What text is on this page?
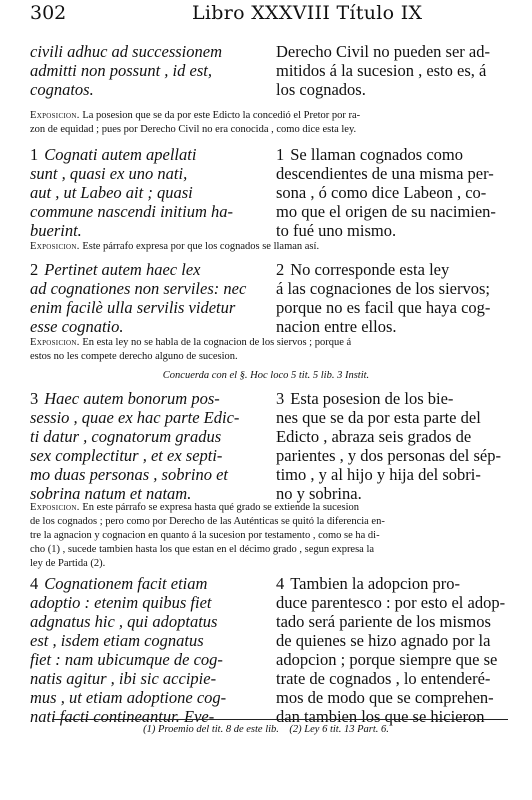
302	Libro XXXVIII Título IX
civili adhuc ad successionem
admitti non possunt , id est,
cognatos.
Derecho Civil no pueden ser ad-
mitidos á la sucesion , esto es, á
los cognados.
Exposicion. La posesion que se da por este Edicto la concedió el Pretor por ra-
zon de equidad ; pues por Derecho Civil no era conocida , como dice esta ley.
1 Cognati autem apellati
sunt , quasi ex uno nati,
aut , ut Labeo ait ; quasi
commune nascendi initium ha-
buerint.
1 Se llaman cognados como
descendientes de una misma per-
sona , ó como dice Labeon , co-
mo que el origen de su nacimien-
to fué uno mismo.
Exposicion. Este párrafo expresa por que los cognados se llaman así.
2 Pertinet autem haec lex
ad cognationes non serviles: nec
enim facilè ulla servilis videtur
esse cognatio.
2 No corresponde esta ley
á las cognaciones de los siervos;
porque no es facil que haya cog-
nacion entre ellos.
Exposicion. En esta ley no se habla de la cognacion de los siervos ; porque á
estos no les compete derecho alguno de sucesion.
Concuerda con el §. Hoc loco 5 tit. 5 lib. 3 Instit.
3 Haec autem bonorum pos-
sessio , quae ex hac parte Edic-
ti datur , cognatorum gradus
sex complectitur , et ex septi-
mo duas personas , sobrino et
sobrina natum et natam.
3 Esta posesion de los bie-
nes que se da por esta parte del
Edicto , abraza seis grados de
parientes , y dos personas del sép-
timo , y al hijo y hija del sobri-
no y sobrina.
Exposicion. En este párrafo se expresa hasta qué grado se extiende la sucesion
de los cognados ; pero como por Derecho de las Auténticas se quitó la diferencia en-
tre la agnacion y cognacion en quanto á la sucesion por testamento , como se ha di-
cho (1) , sucede tambien hasta los que estan en el décimo grado , segun expresa la
ley de Partida (2).
4 Cognationem facit etiam
adoptio : etenim quibus fiet
adgnatus hic , qui adoptatus
est , isdem etiam cognatus
fiet : nam ubicumque de cog-
natis agitur , ibi sic accipie-
mus , ut etiam adoptione cog-
nati facti contineantur. Eve-
4 Tambien la adopcion pro-
duce parentesco : por esto el adop-
tado será pariente de los mismos
de quienes se hizo agnado por la
adopcion ; porque siempre que se
trate de cognados , lo entenderé-
mos de modo que se comprehen-
dan tambien los que se hicieron
(1) Proemio del tit. 8 de este lib. (2) Ley 6 tit. 13 Part. 6.
